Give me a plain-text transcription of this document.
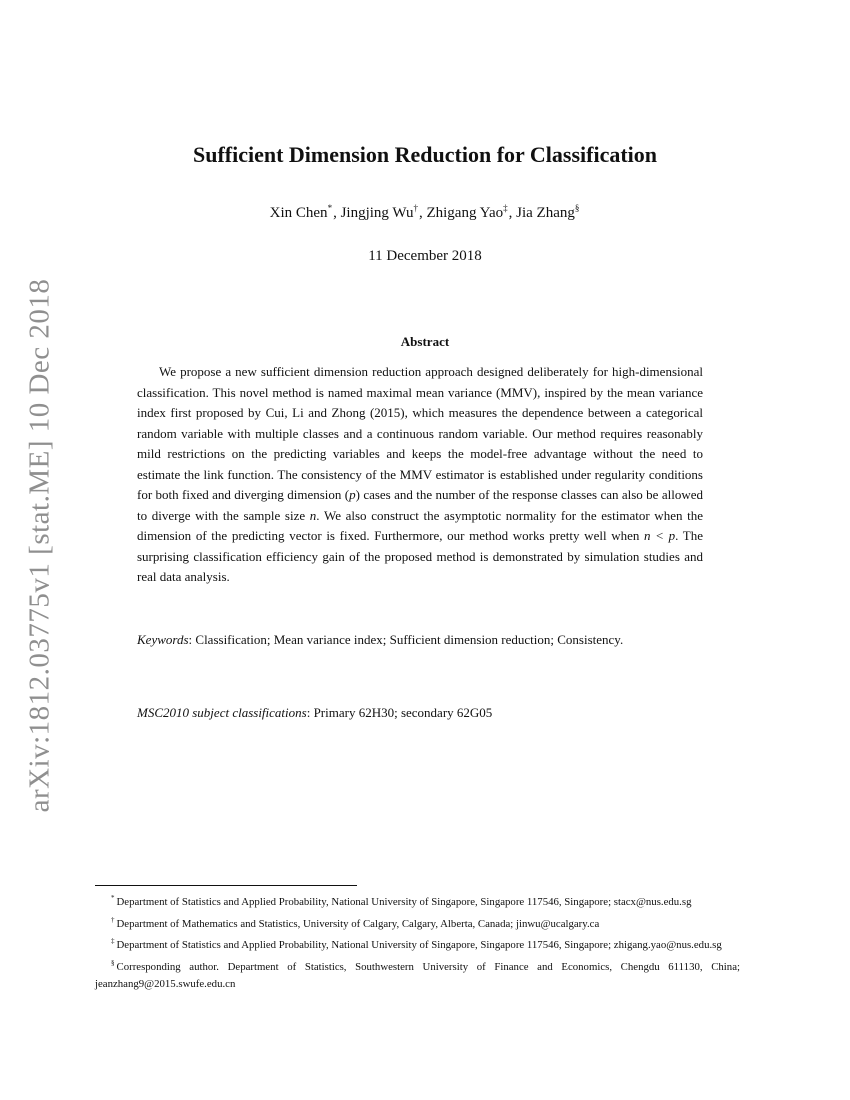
arXiv:1812.03775v1 [stat.ME] 10 Dec 2018
Sufficient Dimension Reduction for Classification
Xin Chen*, Jingjing Wu†, Zhigang Yao‡, Jia Zhang§
11 December 2018
Abstract
We propose a new sufficient dimension reduction approach designed deliberately for high-dimensional classification. This novel method is named maximal mean variance (MMV), inspired by the mean variance index first proposed by Cui, Li and Zhong (2015), which measures the dependence between a categorical random variable with multiple classes and a continuous random variable. Our method requires reasonably mild restrictions on the predicting variables and keeps the model-free advantage without the need to estimate the link function. The consistency of the MMV estimator is established under regularity conditions for both fixed and diverging dimension (p) cases and the number of the response classes can also be allowed to diverge with the sample size n. We also construct the asymptotic normality for the estimator when the dimension of the predicting vector is fixed. Furthermore, our method works pretty well when n < p. The surprising classification efficiency gain of the proposed method is demonstrated by simulation studies and real data analysis.
Keywords: Classification; Mean variance index; Sufficient dimension reduction; Consistency.
MSC2010 subject classifications: Primary 62H30; secondary 62G05
* Department of Statistics and Applied Probability, National University of Singapore, Singapore 117546, Singapore; stacx@nus.edu.sg
† Department of Mathematics and Statistics, University of Calgary, Calgary, Alberta, Canada; jinwu@ucalgary.ca
‡ Department of Statistics and Applied Probability, National University of Singapore, Singapore 117546, Singapore; zhigang.yao@nus.edu.sg
§ Corresponding author. Department of Statistics, Southwestern University of Finance and Economics, Chengdu 611130, China; jeanzhang9@2015.swufe.edu.cn
